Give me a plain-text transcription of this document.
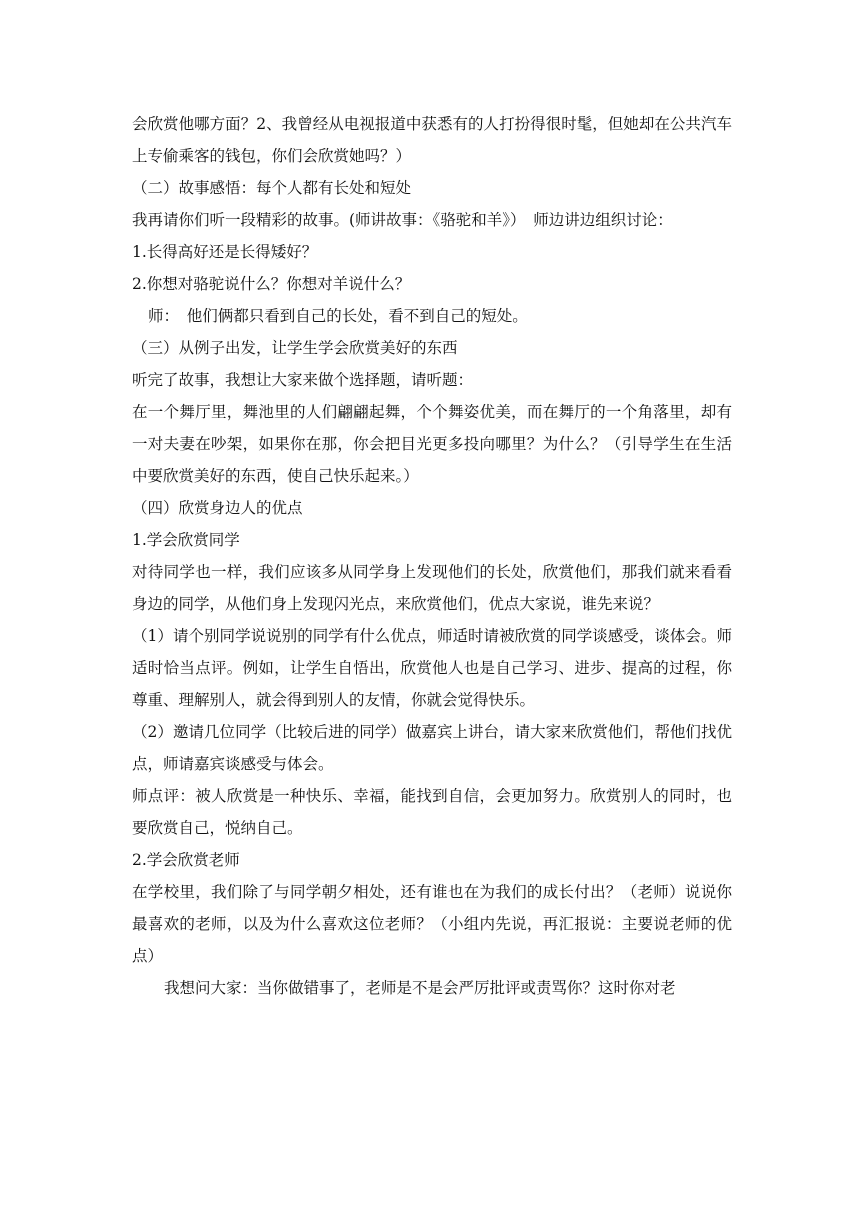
会欣赏他哪方面？2、我曾经从电视报道中获悉有的人打扮得很时髦，但她却在公共汽车上专偷乘客的钱包，你们会欣赏她吗？）

（二）故事感悟：每个人都有长处和短处

我再请你们听一段精彩的故事。(师讲故事：《骆驼和羊》）　师边讲边组织讨论：

1.长得高好还是长得矮好？

2.你想对骆驼说什么？你想对羊说什么？

师：　他们俩都只看到自己的长处，看不到自己的短处。

（三）从例子出发，让学生学会欣赏美好的东西

听完了故事，我想让大家来做个选择题，请听题：

在一个舞厅里，舞池里的人们翩翩起舞，个个舞姿优美，而在舞厅的一个角落里，却有一对夫妻在吵架，如果你在那，你会把目光更多投向哪里？为什么？（引导学生在生活中要欣赏美好的东西，使自己快乐起来。）

（四）欣赏身边人的优点

1.学会欣赏同学

对待同学也一样，我们应该多从同学身上发现他们的长处，欣赏他们，那我们就来看看身边的同学，从他们身上发现闪光点，来欣赏他们，优点大家说，谁先来说？

（1）请个别同学说说别的同学有什么优点，师适时请被欣赏的同学谈感受，谈体会。师适时恰当点评。例如，让学生自悟出，欣赏他人也是自己学习、进步、提高的过程，你尊重、理解别人，就会得到别人的友情，你就会觉得快乐。

（2）邀请几位同学（比较后进的同学）做嘉宾上讲台，请大家来欣赏他们，帮他们找优点，师请嘉宾谈感受与体会。

师点评：被人欣赏是一种快乐、幸福，能找到自信，会更加努力。欣赏别人的同时，也要欣赏自己，悦纳自己。

2.学会欣赏老师

在学校里，我们除了与同学朝夕相处，还有谁也在为我们的成长付出？（老师）说说你最喜欢的老师，以及为什么喜欢这位老师？（小组内先说，再汇报说：主要说老师的优点）

我想问大家：当你做错事了，老师是不是会严厉批评或责骂你？这时你对老
